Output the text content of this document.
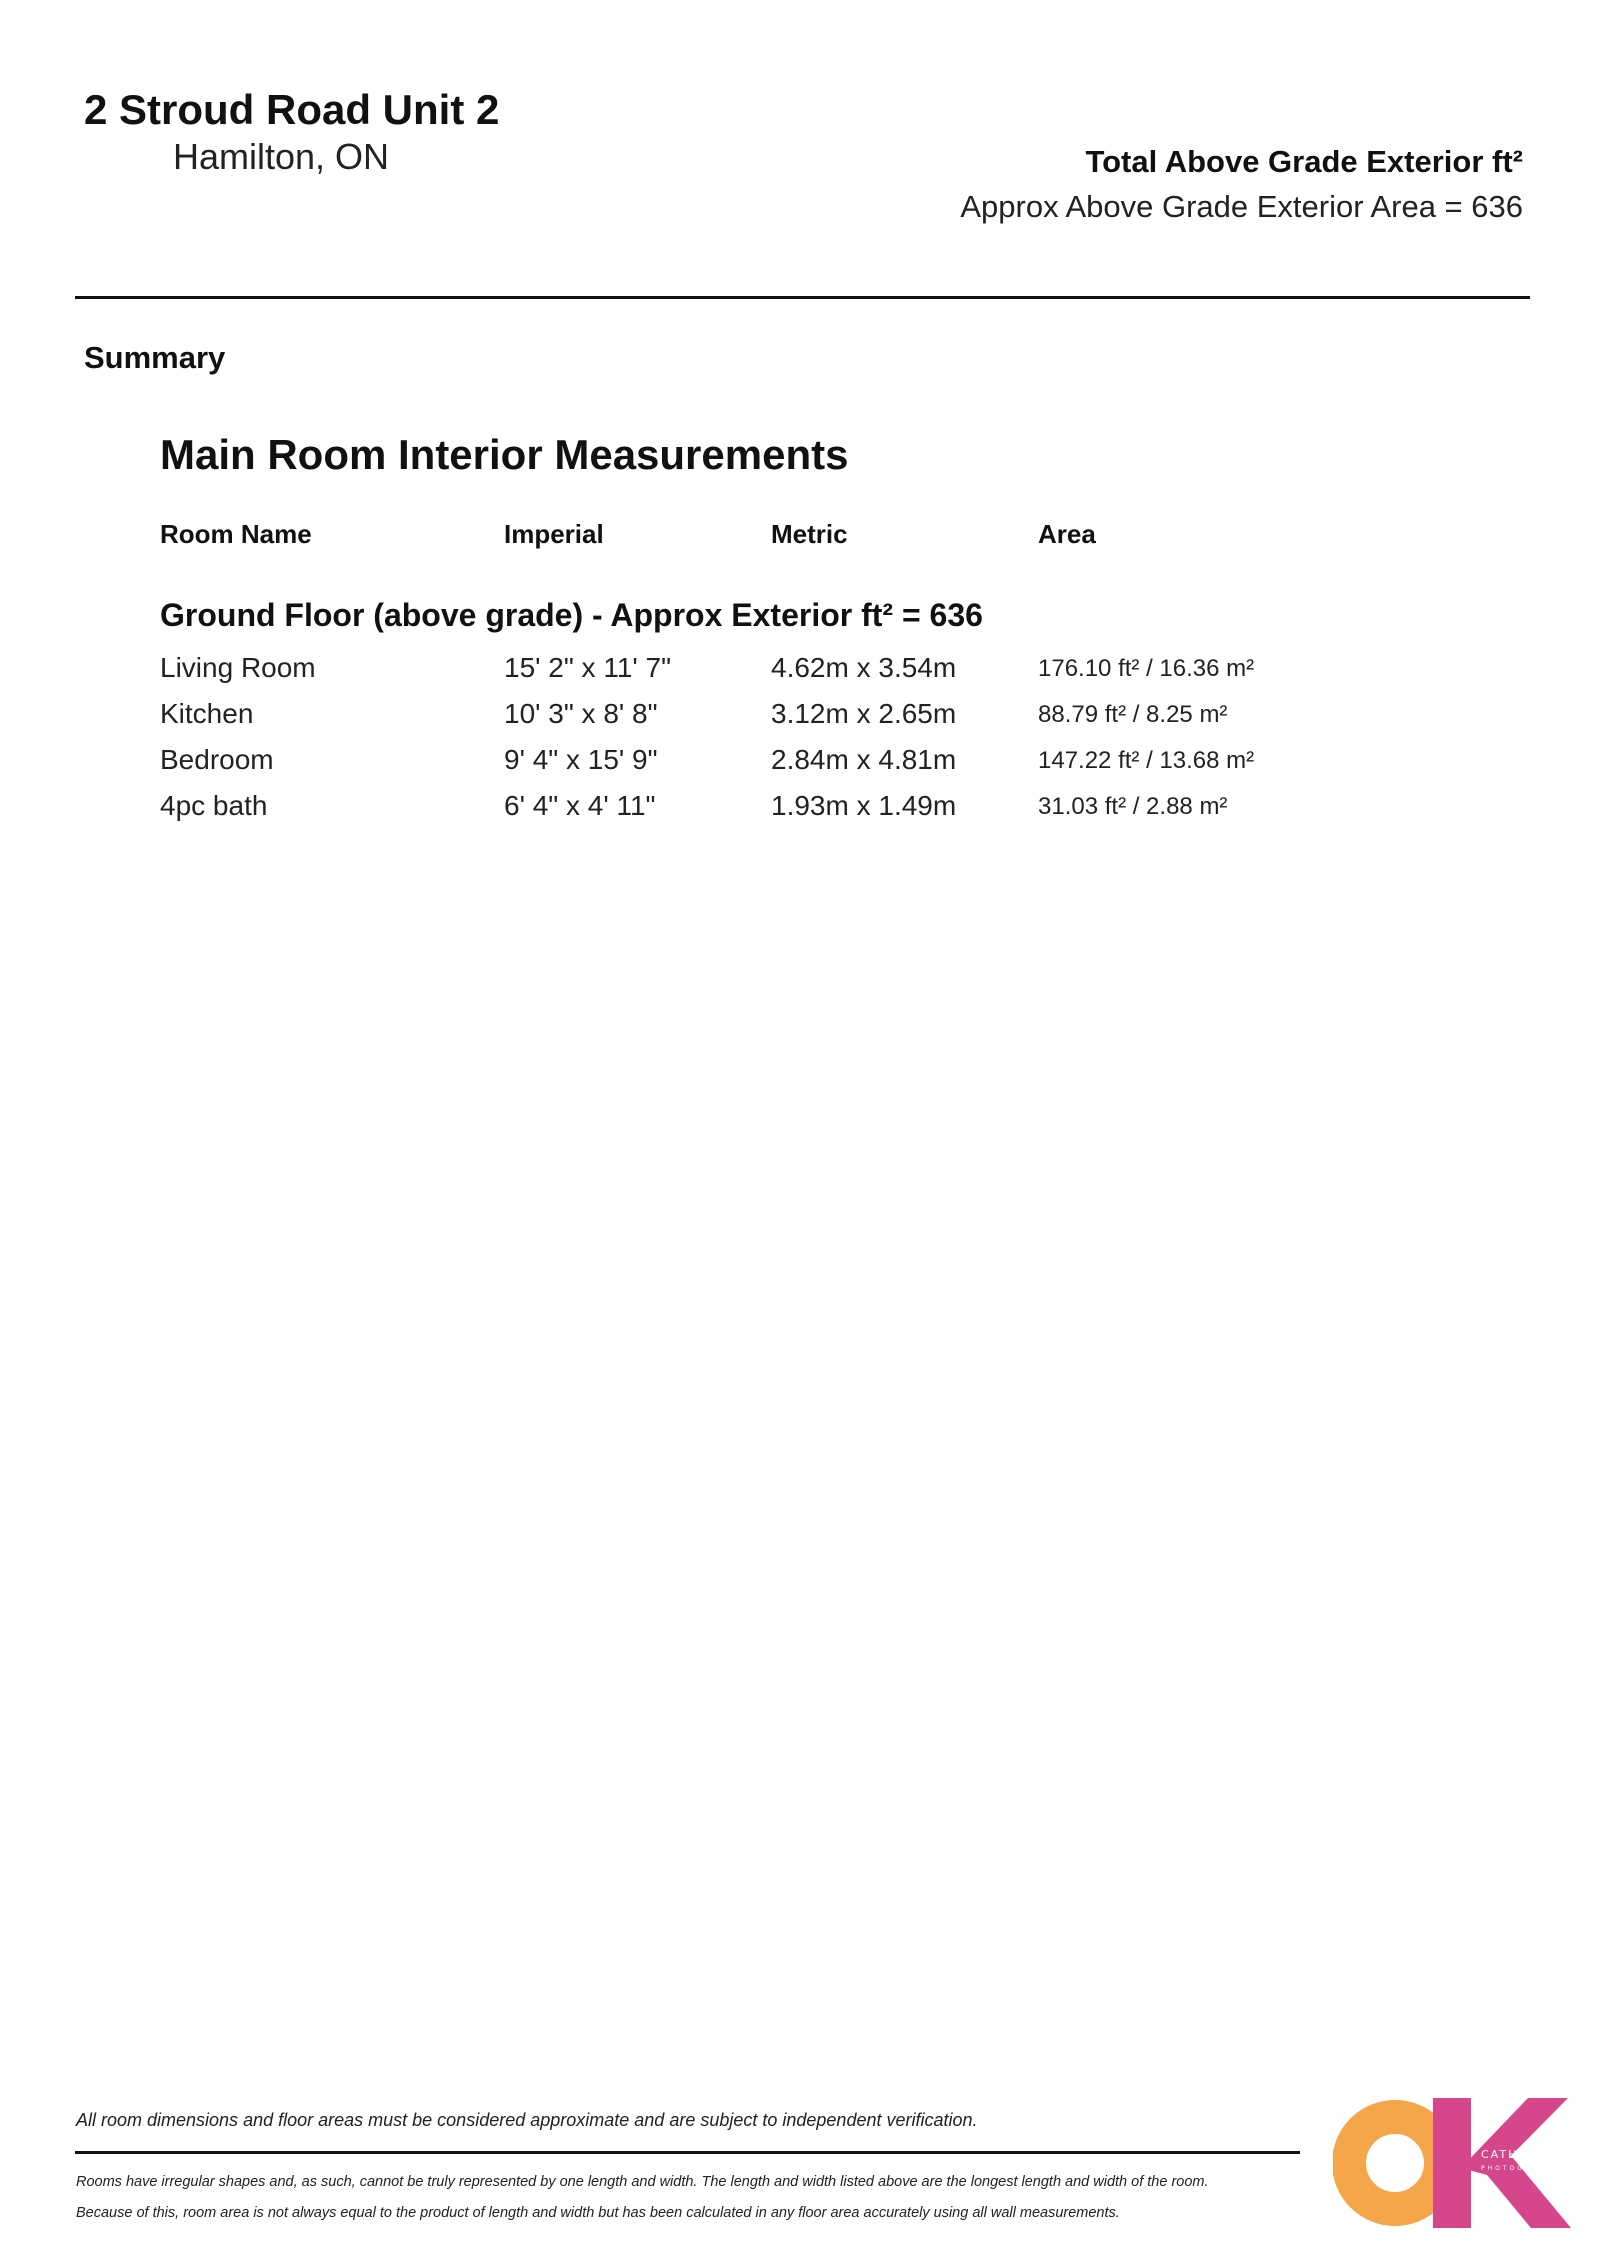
2 Stroud Road Unit 2
Hamilton, ON	Total Above Grade Exterior ft²
Approx Above Grade Exterior Area = 636
Summary
Main Room Interior Measurements
Room Name	Imperial	Metric	Area
Ground Floor (above grade) - Approx Exterior ft² = 636
Living Room	15' 2" x 11' 7"	4.62m x 3.54m	176.10 ft² / 16.36 m²
Kitchen	10' 3" x 8' 8"	3.12m x 2.65m	88.79 ft² / 8.25 m²
Bedroom	9' 4" x 15' 9"	2.84m x 4.81m	147.22 ft² / 13.68 m²
4pc bath	6' 4" x 4' 11"	1.93m x 1.49m	31.03 ft² / 2.88 m²
All room dimensions and floor areas must be considered approximate and are subject to independent verification.
Rooms have irregular shapes and, as such, cannot be truly represented by one length and width. The length and width listed above are the longest length and width of the room.
Because of this, room area is not always equal to the product of length and width but has been calculated in any floor area accurately using all wall measurements.
CATHY KOOP
PHOTOGRAPHY
